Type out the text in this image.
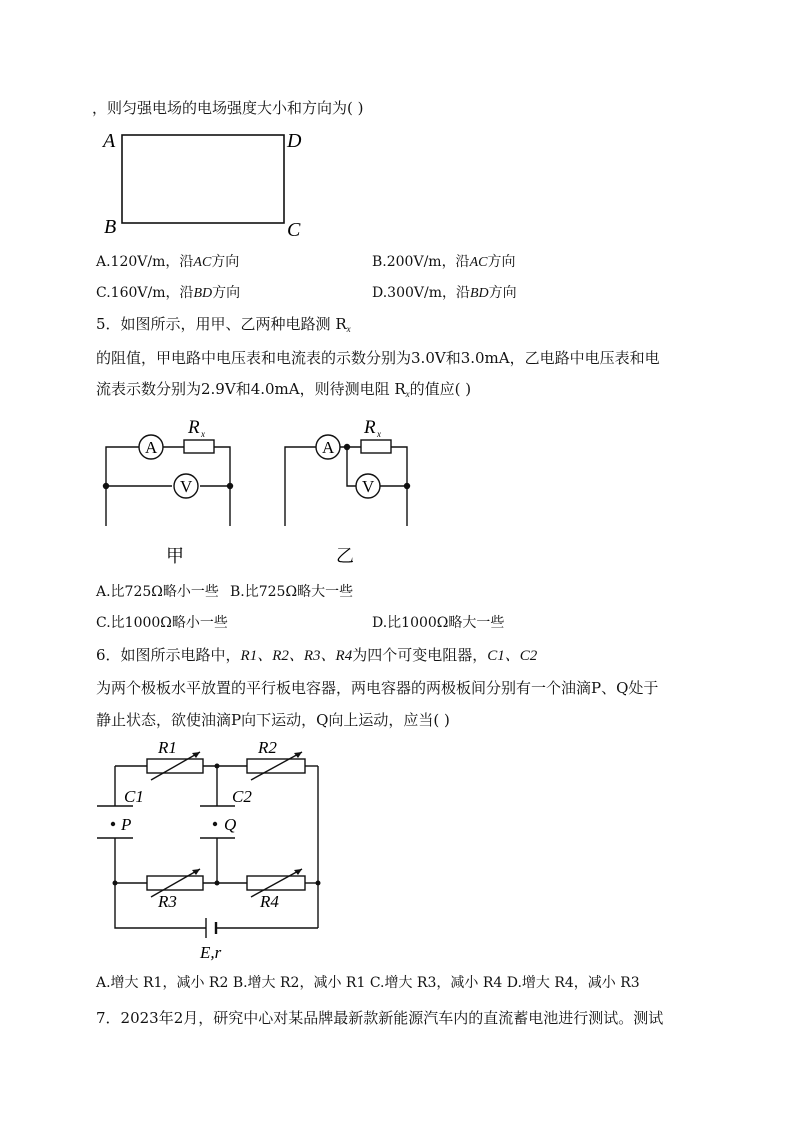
，则匀强电场的电场强度大小和方向为( )
A	D
B	C
A.120V/m，沿AC方向	B.200V/m，沿AC方向
C.160V/m，沿BD方向	D.300V/m，沿BD方向
5．如图所示，用甲、乙两种电路测 $R_x$
的阻值，甲电路中电压表和电流表的示数分别为3.0V和3.0mA，乙电路中电压表和电
流表示数分别为2.9V和4.0mA，则待测电阻 $R_x$的值应( )
A
V
R x
甲
A
V
R x
乙
A.比725Ω略小一些 B.比725Ω略大一些
C.比1000Ω略小一些	D.比1000Ω略大一些
6．如图所示电路中，R1、R2、R3、R4为四个可变电阻器，C1、C2
为两个极板水平放置的平行板电容器，两电容器的两极板间分别有一个油滴P、Q处于
静止状态，欲使油滴P向下运动，Q向上运动，应当( )
R1	R2
R3	R4
C1	C2
P	Q
E,r
A.增大 R1，减小 R2 B.增大 R2，减小 R1 C.增大 R3，减小 R4 D.增大 R4，减小 R3
7．2023年2月，研究中心对某品牌最新款新能源汽车内的直流蓄电池进行测试。测试
